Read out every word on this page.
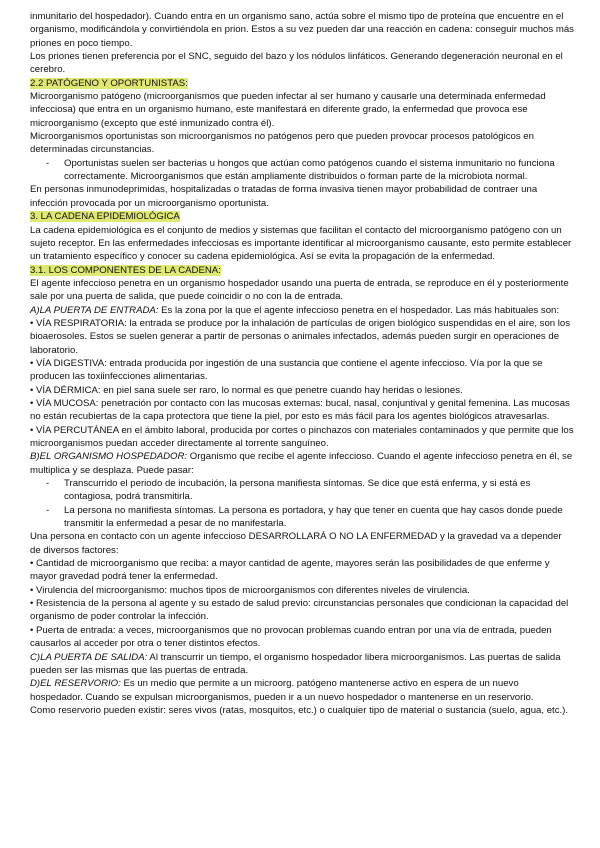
inmunitario del hospedador). Cuando entra en un organismo sano, actúa sobre el mismo tipo de proteína que encuentre en el organismo, modificándola y convirtiéndola en prion. Estos a su vez pueden dar una reacción en cadena: conseguir muchos más priones en poco tiempo.

Los priones tienen preferencia por el SNC, seguido del bazo y los nódulos linfáticos. Generando degeneración neuronal en el cerebro.

2.2 PATÓGENO Y OPORTUNISTAS:

Microorganismo patógeno (microorganismos que pueden infectar al ser humano y causarle una determinada enfermedad infecciosa) que entra en un organismo humano, este manifestará en diferente grado, la enfermedad que provoca ese microorganismo (excepto que esté inmunizado contra él).

Microorganismos oportunistas son microorganismos no patógenos pero que pueden provocar procesos patológicos en determinadas circunstancias.

- Oportunistas suelen ser bacterias u hongos que actúan como patógenos cuando el sistema inmunitario no funciona correctamente. Microorganismos que están ampliamente distribuidos o forman parte de la microbiota normal.

En personas inmunodeprimidas, hospitalizadas o tratadas de forma invasiva tienen mayor probabilidad de contraer una infección provocada por un microorganismo oportunista.

3. LA CADENA EPIDEMIOLÓGICA

La cadena epidemiológica es el conjunto de medios y sistemas que facilitan el contacto del microorganismo patógeno con un sujeto receptor. En las enfermedades infecciosas es importante identificar al microorganismo causante, esto permite establecer un tratamiento específico y conocer su cadena epidemiológica. Así se evita la propagación de la enfermedad.

3.1. LOS COMPONENTES DE LA CADENA:

El agente infeccioso penetra en un organismo hospedador usando una puerta de entrada, se reproduce en él y posteriormente sale por una puerta de salida, que puede coincidir o no con la de entrada.

A)LA PUERTA DE ENTRADA: Es la zona por la que el agente infeccioso penetra en el hospedador. Las más habituales son:

• VÍA RESPIRATORIA: la entrada se produce por la inhalación de partículas de origen biológico suspendidas en el aire, son los bioaerosoles. Estos se suelen generar a partir de personas o animales infectados, además pueden surgir en operaciones de laboratorio.

• VÍA DIGESTIVA: entrada producida por ingestión de una sustancia que contiene el agente infeccioso. Vía por la que se producen las toxiinfecciones alimentarias.

• VÍA DÉRMICA: en piel sana suele ser raro, lo normal es que penetre cuando hay heridas o lesiones.

• VÍA MUCOSA: penetración por contacto con las mucosas externas: bucal, nasal, conjuntival y genital femenina. Las mucosas no están recubiertas de la capa protectora que tiene la piel, por esto es más fácil para los agentes biológicos atravesarlas.

• VÍA PERCUTÁNEA en el ámbito laboral, producida por cortes o pinchazos con materiales contaminados y que permite que los microorganismos puedan acceder directamente al torrente sanguíneo.

B)EL ORGANISMO HOSPEDADOR: Organismo que recibe el agente infeccioso. Cuando el agente infeccioso penetra en él, se multiplica y se desplaza. Puede pasar:

- Transcurrido el periodo de incubación, la persona manifiesta síntomas. Se dice que está enferma, y si está es contagiosa, podrá transmitirla.
- La persona no manifiesta síntomas. La persona es portadora, y hay que tener en cuenta que hay casos donde puede transmitir la enfermedad a pesar de no manifestarla.

Una persona en contacto con un agente infeccioso DESARROLLARÁ O NO LA ENFERMEDAD y la gravedad va a depender de diversos factores:

• Cantidad de microorganismo que reciba: a mayor cantidad de agente, mayores serán las posibilidades de que enferme y mayor gravedad podrá tener la enfermedad.

• Virulencia del microorganismo: muchos tipos de microorganismos con diferentes niveles de virulencia.

• Resistencia de la persona al agente y su estado de salud previo: circunstancias personales que condicionan la capacidad del organismo de poder controlar la infección.

• Puerta de entrada: a veces, microorganismos que no provocan problemas cuando entran por una vía de entrada, pueden causarlos al acceder por otra o tener distintos efectos.

C)LA PUERTA DE SALIDA: Al transcurrir un tiempo, el organismo hospedador libera microorganismos. Las puertas de salida pueden ser las mismas que las puertas de entrada.

D)EL RESERVORIO: Es un medio que permite a un microorg. patógeno mantenerse activo en espera de un nuevo hospedador. Cuando se expulsan microorganismos, pueden ir a un nuevo hospedador o mantenerse en un reservorio.

Como reservorio pueden existir: seres vivos (ratas, mosquitos, etc.) o cualquier tipo de material o sustancia (suelo, agua, etc.).
